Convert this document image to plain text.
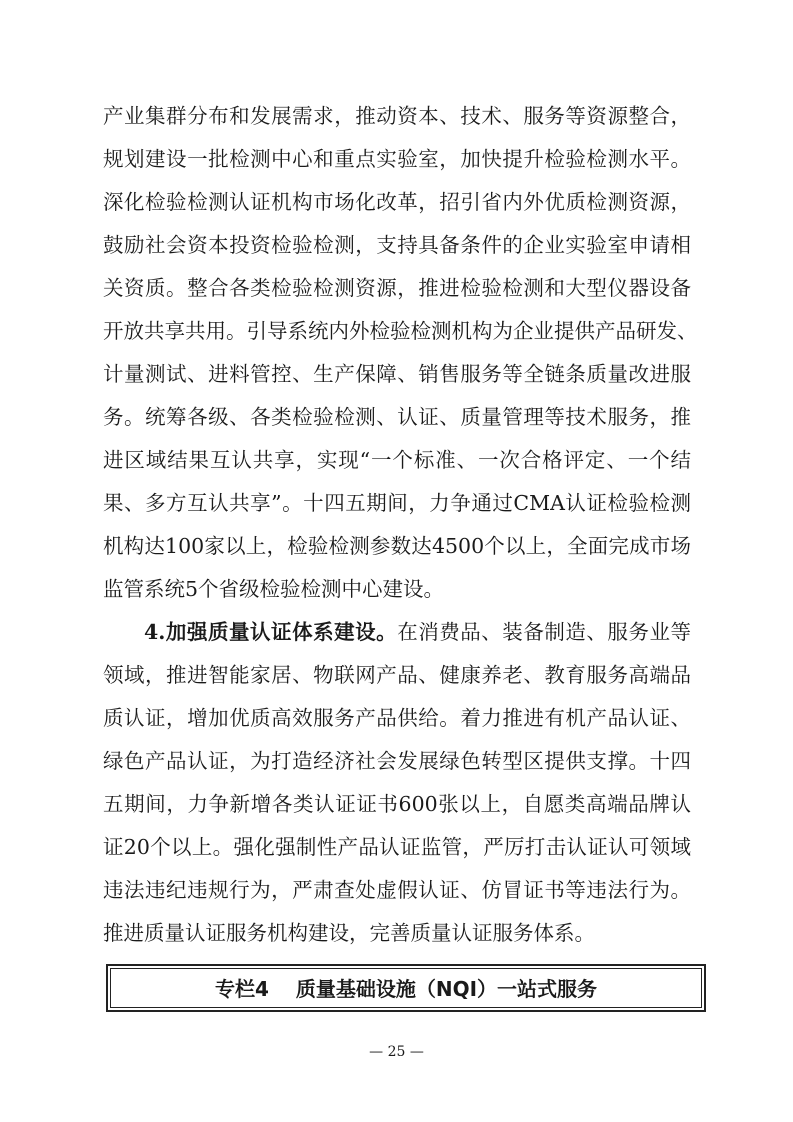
产业集群分布和发展需求，推动资本、技术、服务等资源整合，
规划建设一批检测中心和重点实验室，加快提升检验检测水平。
深化检验检测认证机构市场化改革，招引省内外优质检测资源，
鼓励社会资本投资检验检测，支持具备条件的企业实验室申请相
关资质。整合各类检验检测资源，推进检验检测和大型仪器设备
开放共享共用。引导系统内外检验检测机构为企业提供产品研发、
计量测试、进料管控、生产保障、销售服务等全链条质量改进服
务。统筹各级、各类检验检测、认证、质量管理等技术服务，推
进区域结果互认共享，实现“一个标准、一次合格评定、一个结
果、多方互认共享”。十四五期间，力争通过CMA认证检验检测
机构达100家以上，检验检测参数达4500个以上，全面完成市场
监管系统5个省级检验检测中心建设。
4.加强质量认证体系建设。在消费品、装备制造、服务业等
领域，推进智能家居、物联网产品、健康养老、教育服务高端品
质认证，增加优质高效服务产品供给。着力推进有机产品认证、
绿色产品认证，为打造经济社会发展绿色转型区提供支撑。十四
五期间，力争新增各类认证证书600张以上，自愿类高端品牌认
证20个以上。强化强制性产品认证监管，严厉打击认证认可领域
违法违纪违规行为，严肃查处虚假认证、仿冒证书等违法行为。
推进质量认证服务机构建设，完善质量认证服务体系。
专栏4　 质量基础设施（NQI）一站式服务
— 25 —
